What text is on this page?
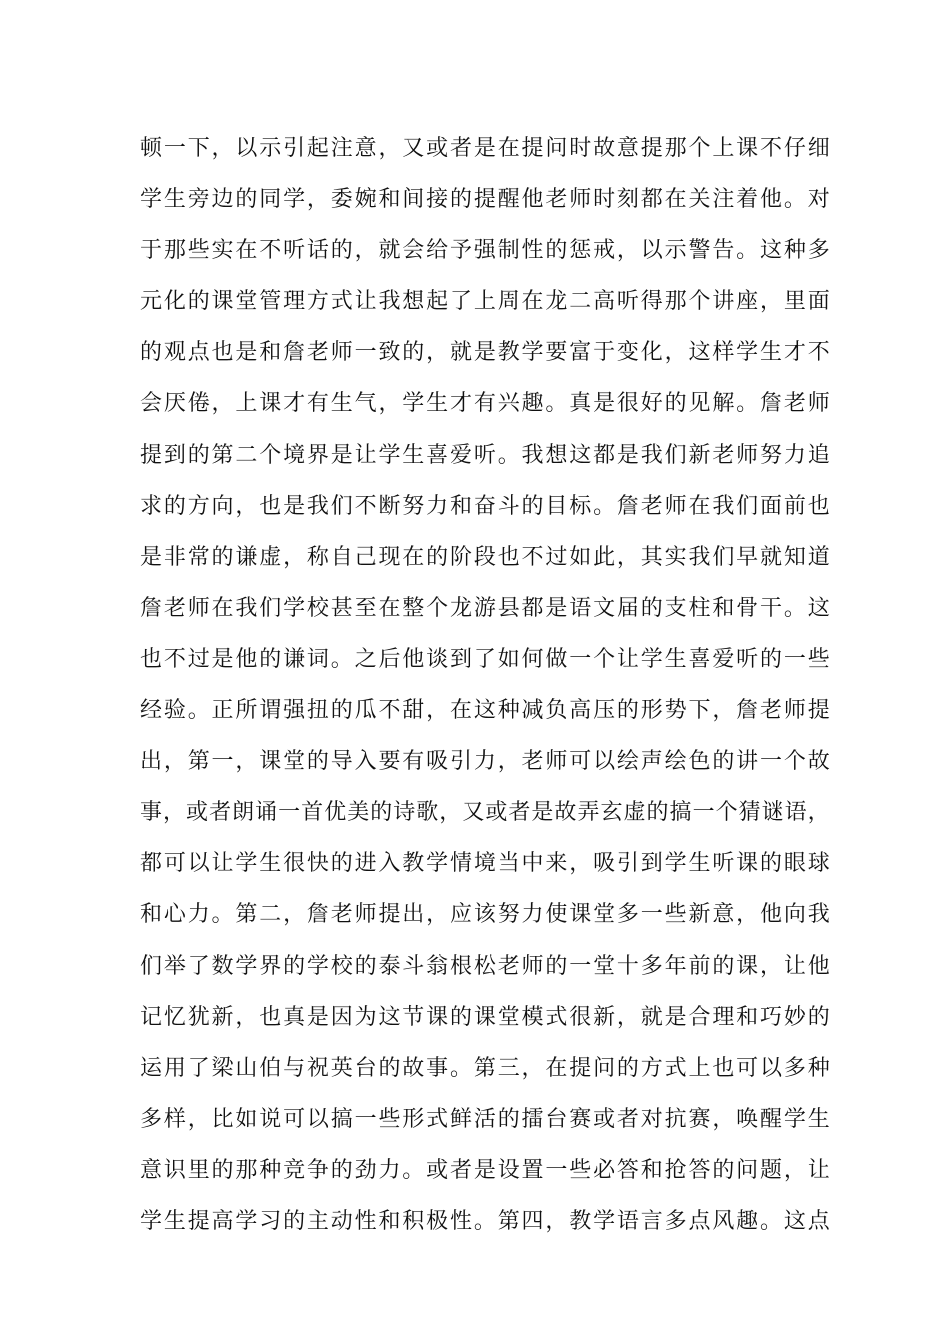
顿一下，以示引起注意，又或者是在提问时故意提那个上课不仔细
学生旁边的同学，委婉和间接的提醒他老师时刻都在关注着他。对
于那些实在不听话的，就会给予强制性的惩戒，以示警告。这种多
元化的课堂管理方式让我想起了上周在龙二高听得那个讲座，里面
的观点也是和詹老师一致的，就是教学要富于变化，这样学生才不
会厌倦，上课才有生气，学生才有兴趣。真是很好的见解。詹老师
提到的第二个境界是让学生喜爱听。我想这都是我们新老师努力追
求的方向，也是我们不断努力和奋斗的目标。詹老师在我们面前也
是非常的谦虚，称自己现在的阶段也不过如此，其实我们早就知道
詹老师在我们学校甚至在整个龙游县都是语文届的支柱和骨干。这
也不过是他的谦词。之后他谈到了如何做一个让学生喜爱听的一些
经验。正所谓强扭的瓜不甜，在这种减负高压的形势下，詹老师提
出，第一，课堂的导入要有吸引力，老师可以绘声绘色的讲一个故
事，或者朗诵一首优美的诗歌，又或者是故弄玄虚的搞一个猜谜语，
都可以让学生很快的进入教学情境当中来，吸引到学生听课的眼球
和心力。第二，詹老师提出，应该努力使课堂多一些新意，他向我
们举了数学界的学校的泰斗翁根松老师的一堂十多年前的课，让他
记忆犹新，也真是因为这节课的课堂模式很新，就是合理和巧妙的
运用了梁山伯与祝英台的故事。第三，在提问的方式上也可以多种
多样，比如说可以搞一些形式鲜活的擂台赛或者对抗赛，唤醒学生
意识里的那种竞争的劲力。或者是设置一些必答和抢答的问题，让
学生提高学习的主动性和积极性。第四，教学语言多点风趣。这点
